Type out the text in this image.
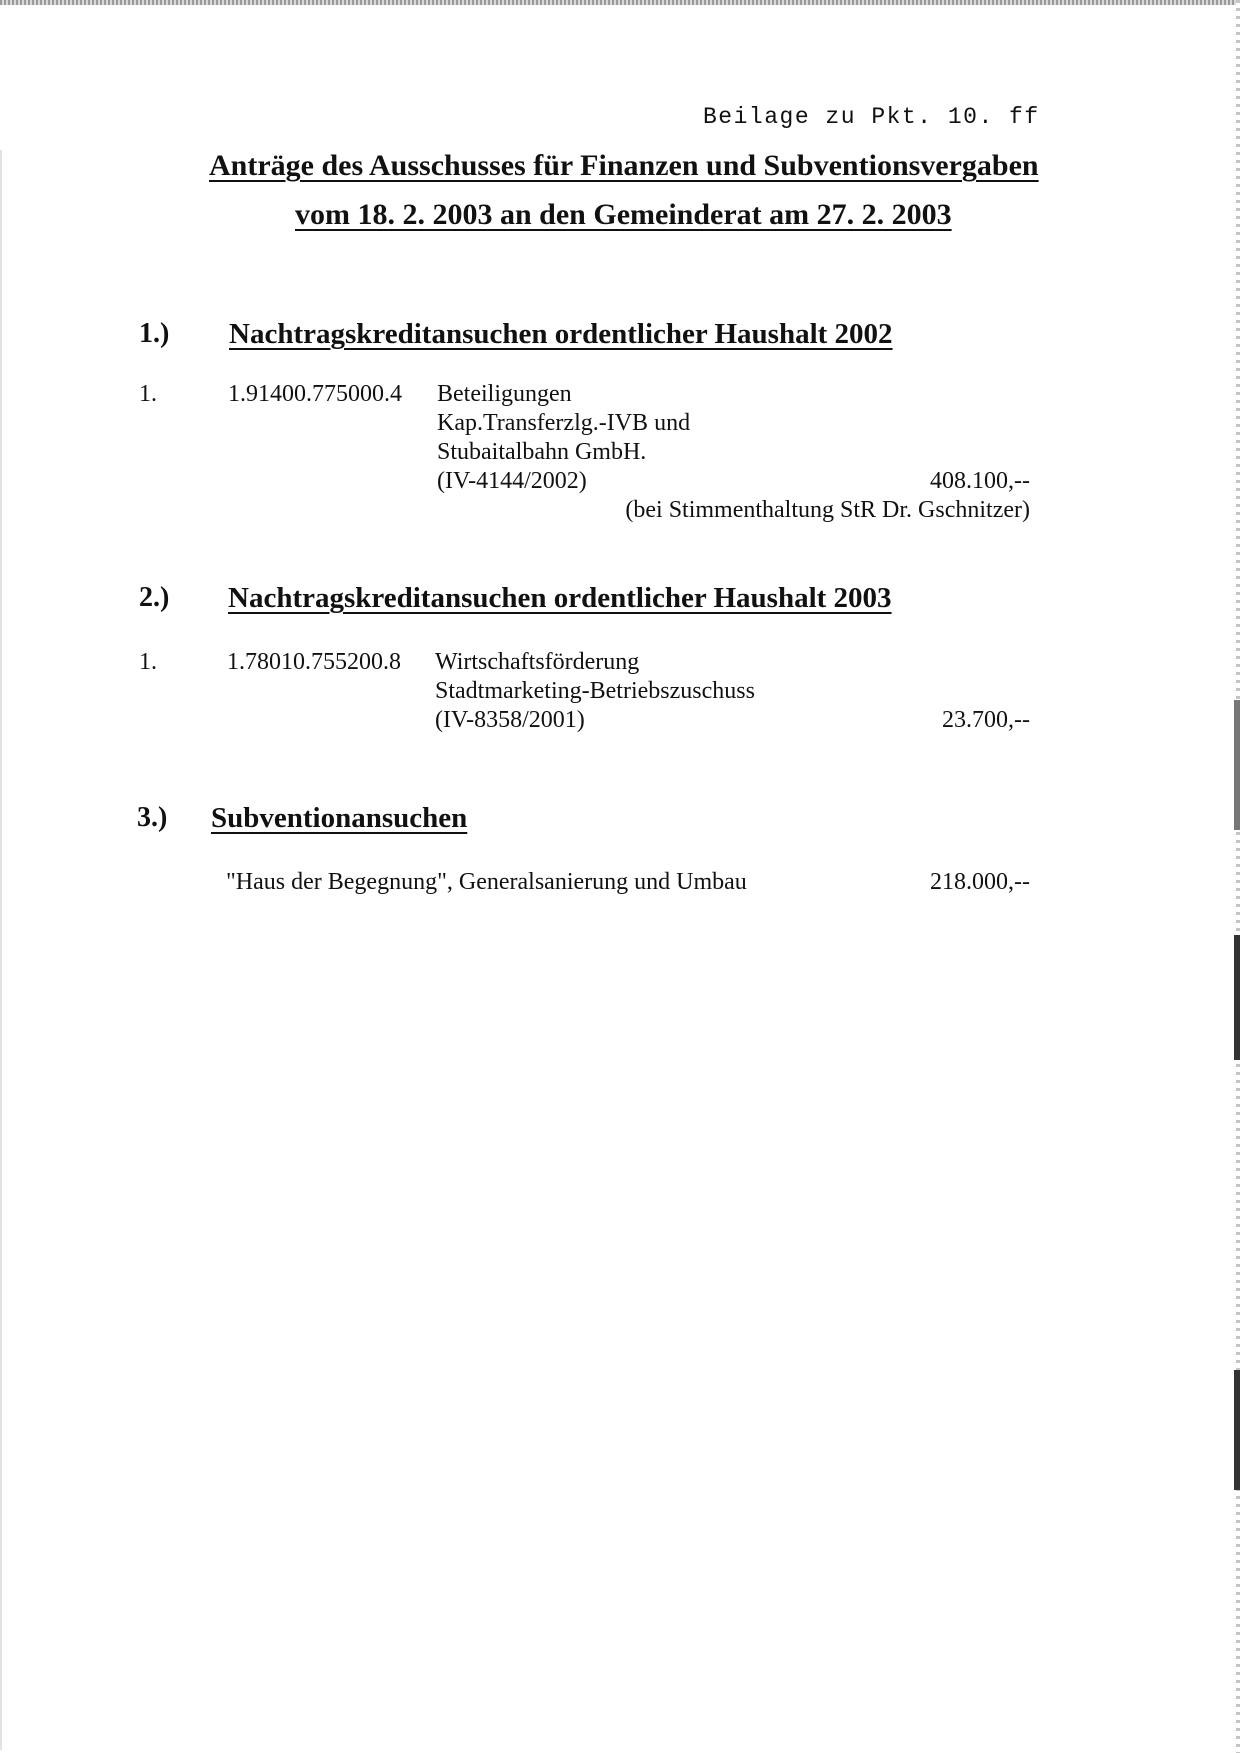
Beilage zu Pkt. 10. ff
Anträge des Ausschusses für Finanzen und Subventionsvergaben
vom 18. 2. 2003 an den Gemeinderat am 27. 2. 2003
1.) Nachtragskreditansuchen ordentlicher Haushalt 2002
1.	1.91400.775000.4 Beteiligungen
Kap.Transferzlg.-IVB und
Stubaitalbahn GmbH.
(IV-4144/2002)	408.100,--
(bei Stimmenthaltung StR Dr. Gschnitzer)
2.) Nachtragskreditansuchen ordentlicher Haushalt 2003
1.	1.78010.755200.8 Wirtschaftsförderung
Stadtmarketing-Betriebszuschuss
(IV-8358/2001)	23.700,--
3.) Subventionansuchen
"Haus der Begegnung", Generalsanierung und Umbau	218.000,--
